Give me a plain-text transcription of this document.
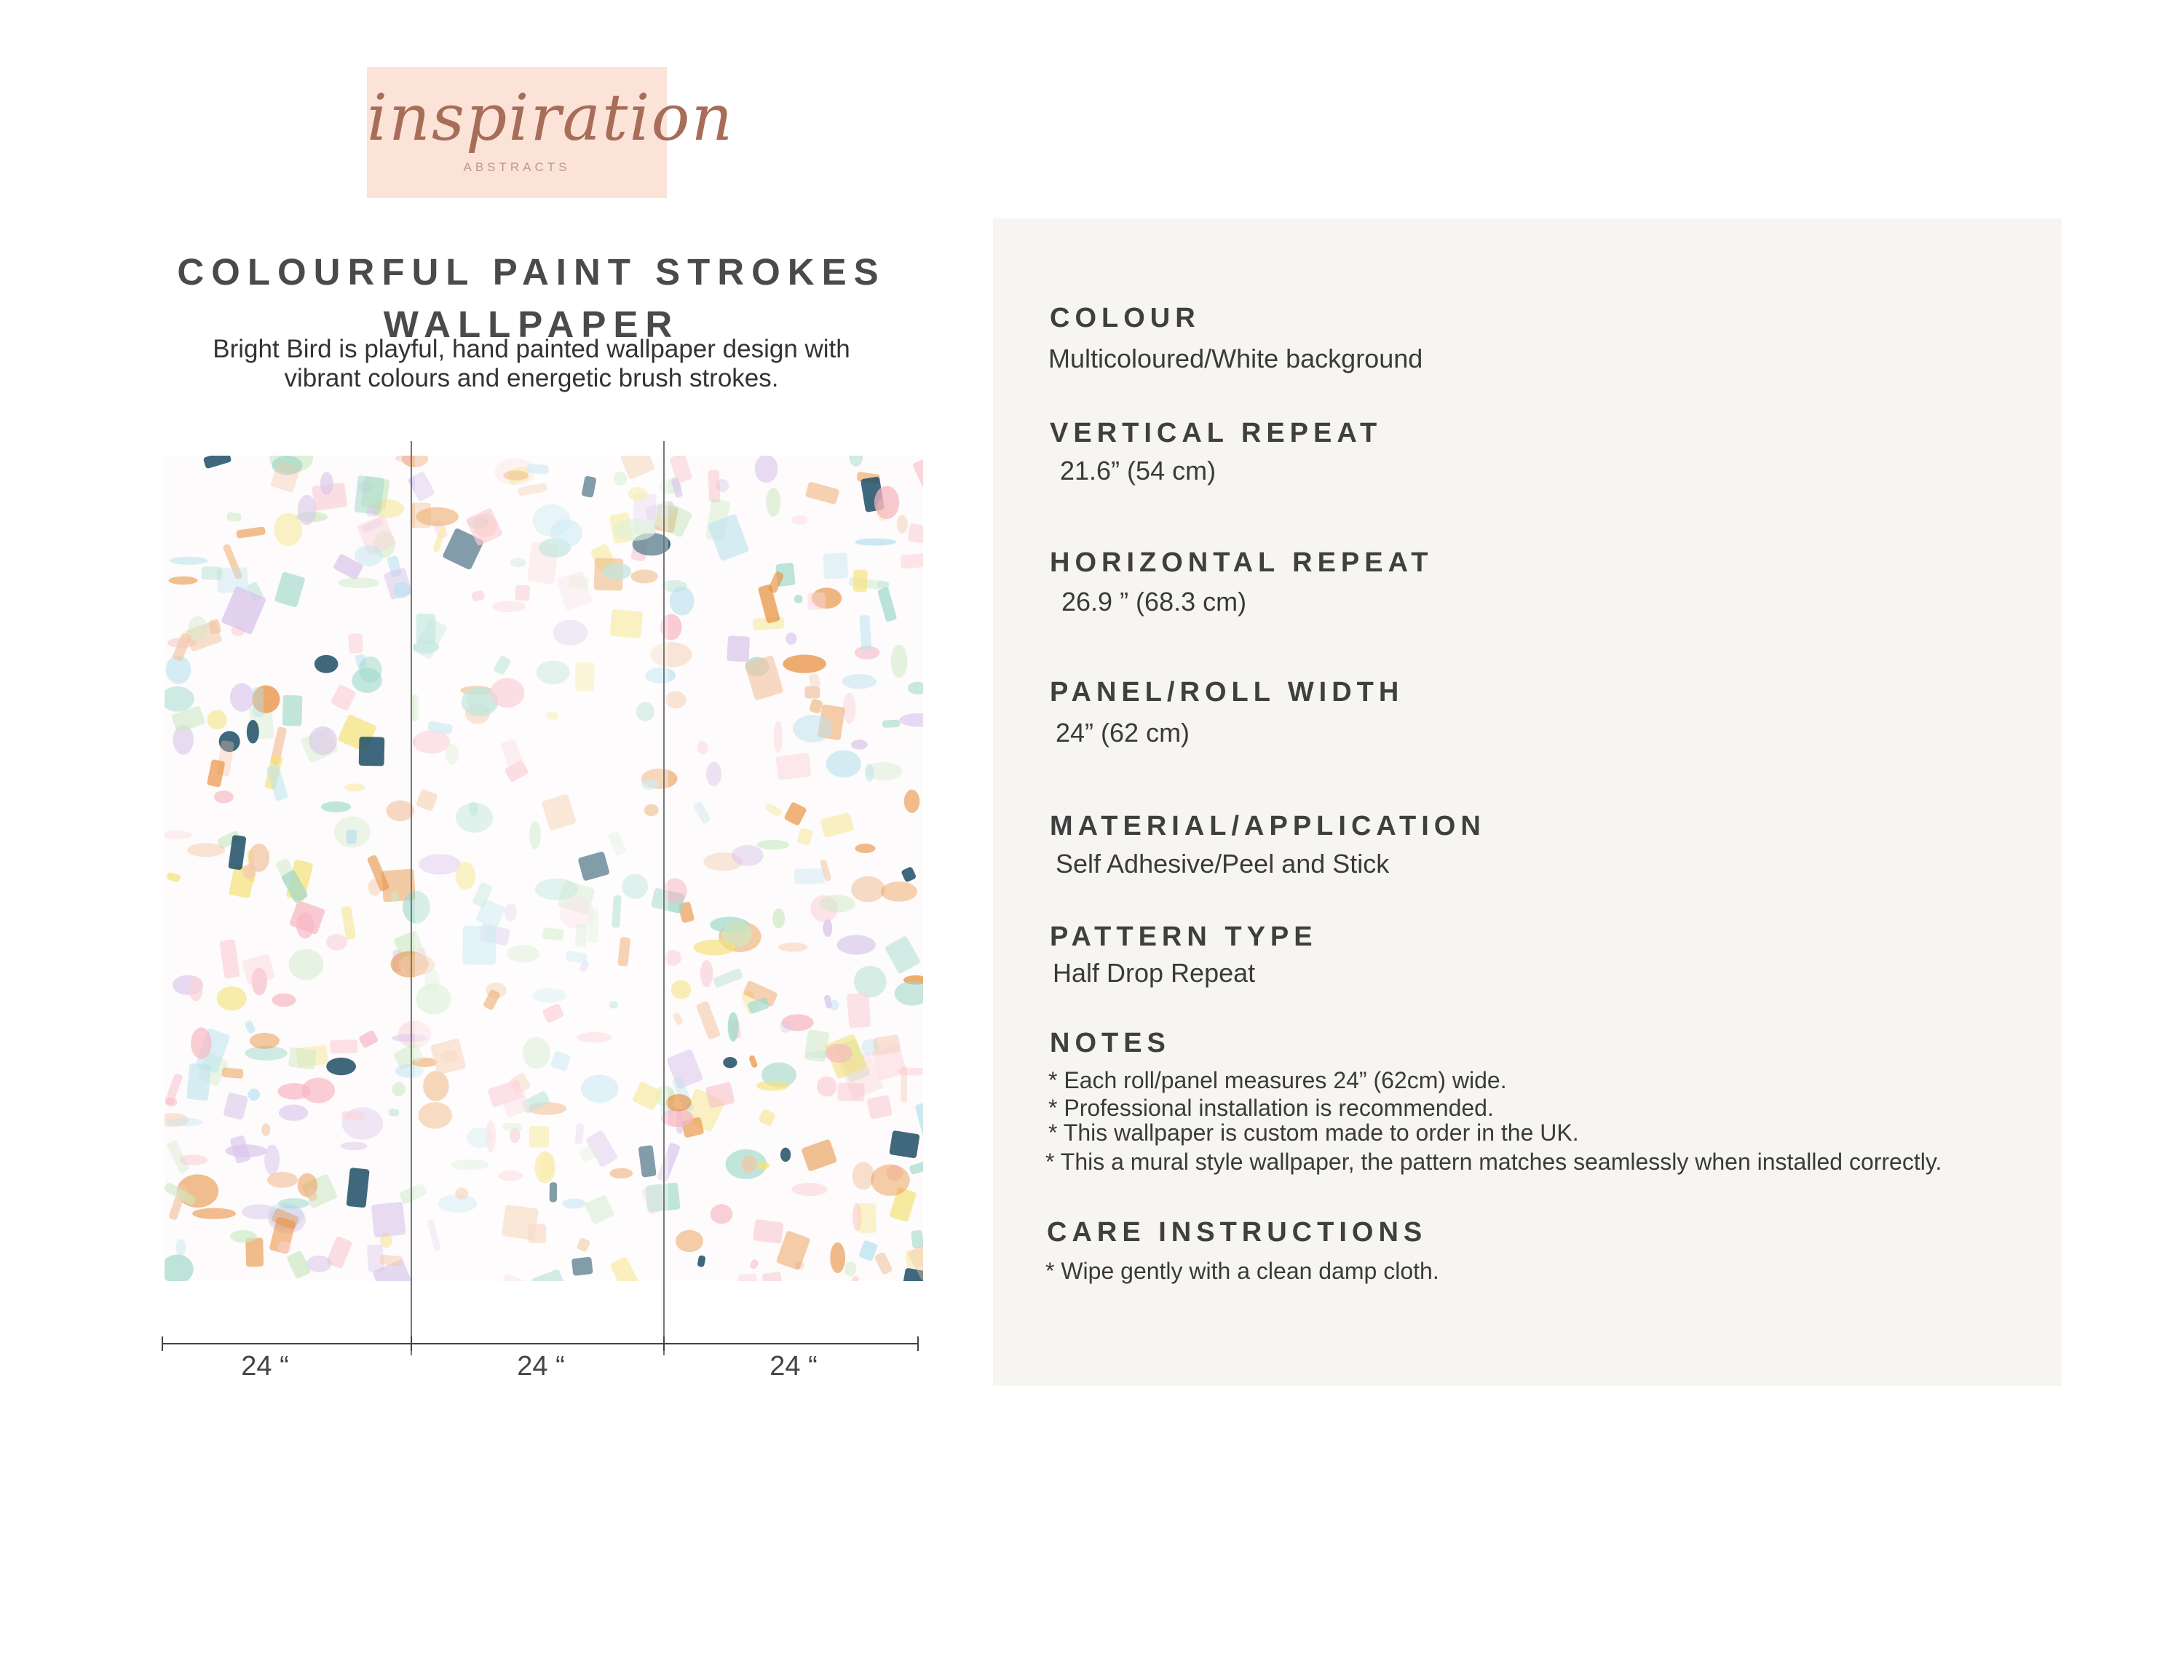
inspiration
ABSTRACTS
COLOURFUL PAINT STROKES
WALLPAPER
Bright Bird is playful, hand painted wallpaper design with
vibrant colours and energetic brush strokes.
24 “	24 “	24 “
COLOUR
Multicoloured/White background
VERTICAL REPEAT
21.6” (54 cm)
HORIZONTAL REPEAT
26.9 ” (68.3 cm)
PANEL/ROLL WIDTH
24” (62 cm)
MATERIAL/APPLICATION
Self Adhesive/Peel and Stick
PATTERN TYPE
Half Drop Repeat
NOTES
* Each roll/panel measures 24” (62cm) wide.
* Professional installation is recommended.
* This wallpaper is custom made to order in the UK.
* This a mural style wallpaper, the pattern matches seamlessly when installed correctly.
CARE INSTRUCTIONS
* Wipe gently with a clean damp cloth.
